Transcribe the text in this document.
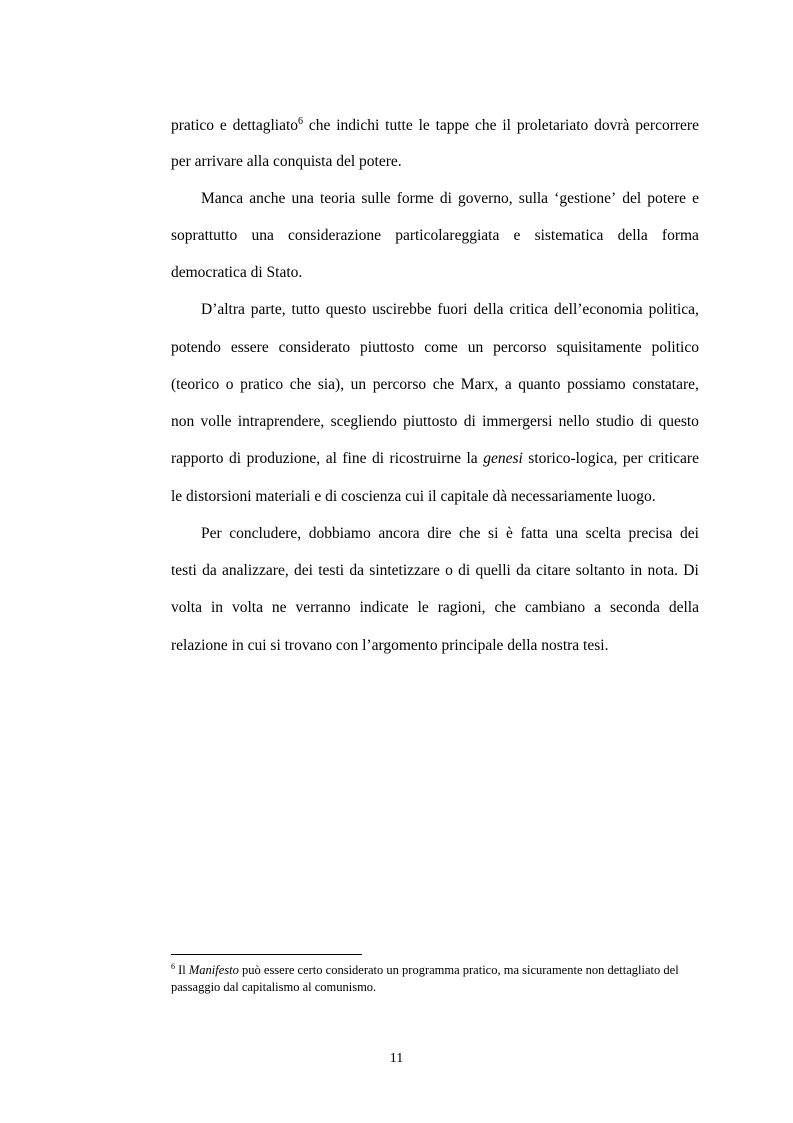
pratico e dettagliato$^6$ che indichi tutte le tappe che il proletariato dovrà percorrere
per arrivare alla conquista del potere.
Manca anche una teoria sulle forme di governo, sulla ‘gestione’ del potere e
soprattutto una considerazione particolareggiata e sistematica della forma
democratica di Stato.
D’altra parte, tutto questo uscirebbe fuori della critica dell’economia politica,
potendo essere considerato piuttosto come un percorso squisitamente politico
(teorico o pratico che sia), un percorso che Marx, a quanto possiamo constatare,
non volle intraprendere, scegliendo piuttosto di immergersi nello studio di questo
rapporto di produzione, al fine di ricostruirne la genesi storico-logica, per criticare
le distorsioni materiali e di coscienza cui il capitale dà necessariamente luogo.
Per concludere, dobbiamo ancora dire che si è fatta una scelta precisa dei
testi da analizzare, dei testi da sintetizzare o di quelli da citare soltanto in nota. Di
volta in volta ne verranno indicate le ragioni, che cambiano a seconda della
relazione in cui si trovano con l’argomento principale della nostra tesi.
$^6$ Il Manifesto può essere certo considerato un programma pratico, ma sicuramente non dettagliato del
passaggio dal capitalismo al comunismo.
11
